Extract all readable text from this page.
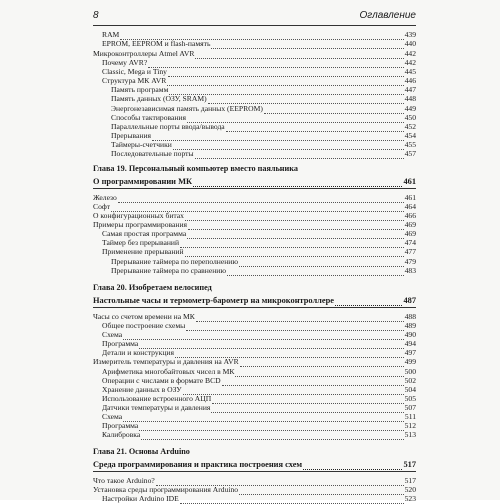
8	Оглавление
RAM	439
EPROM, EEPROM и flash-память	440
Микроконтроллеры Atmel AVR	442
Почему AVR?	442
Classic, Mega и Tiny	445
Структура МК AVR	446
Память программ	447
Память данных (ОЗУ, SRAM)	448
Энергонезависимая память данных (EEPROM)	449
Способы тактирования	450
Параллельные порты ввода/вывода	452
Прерывания	454
Таймеры-счетчики	455
Последовательные порты	457
Глава 19. Персональный компьютер вместо паяльника
О программировании МК	461
Железо	461
Софт	464
О конфигурационных битах	466
Примеры программирования	469
Самая простая программа	469
Таймер без прерываний	474
Применение прерываний	477
Прерывание таймера по переполнению	479
Прерывание таймера по сравнению	483
Глава 20. Изобретаем велосипед
Настольные часы и термометр-барометр на микроконтроллере	487
Часы со счетом времени на МК	488
Общее построение схемы	489
Схема	490
Программа	494
Детали и конструкция	497
Измеритель температуры и давления на AVR	499
Арифметика многобайтовых чисел в МК	500
Операции с числами в формате BCD	502
Хранение данных в ОЗУ	504
Использование встроенного АЦП	505
Датчики температуры и давления	507
Схема	511
Программа	512
Калибровка	513
Глава 21. Основы Arduino
Среда программирования и практика построения схем	517
Что такое Arduino?	517
Установка среды программирования Arduino	520
Настройки Arduino IDE	523
